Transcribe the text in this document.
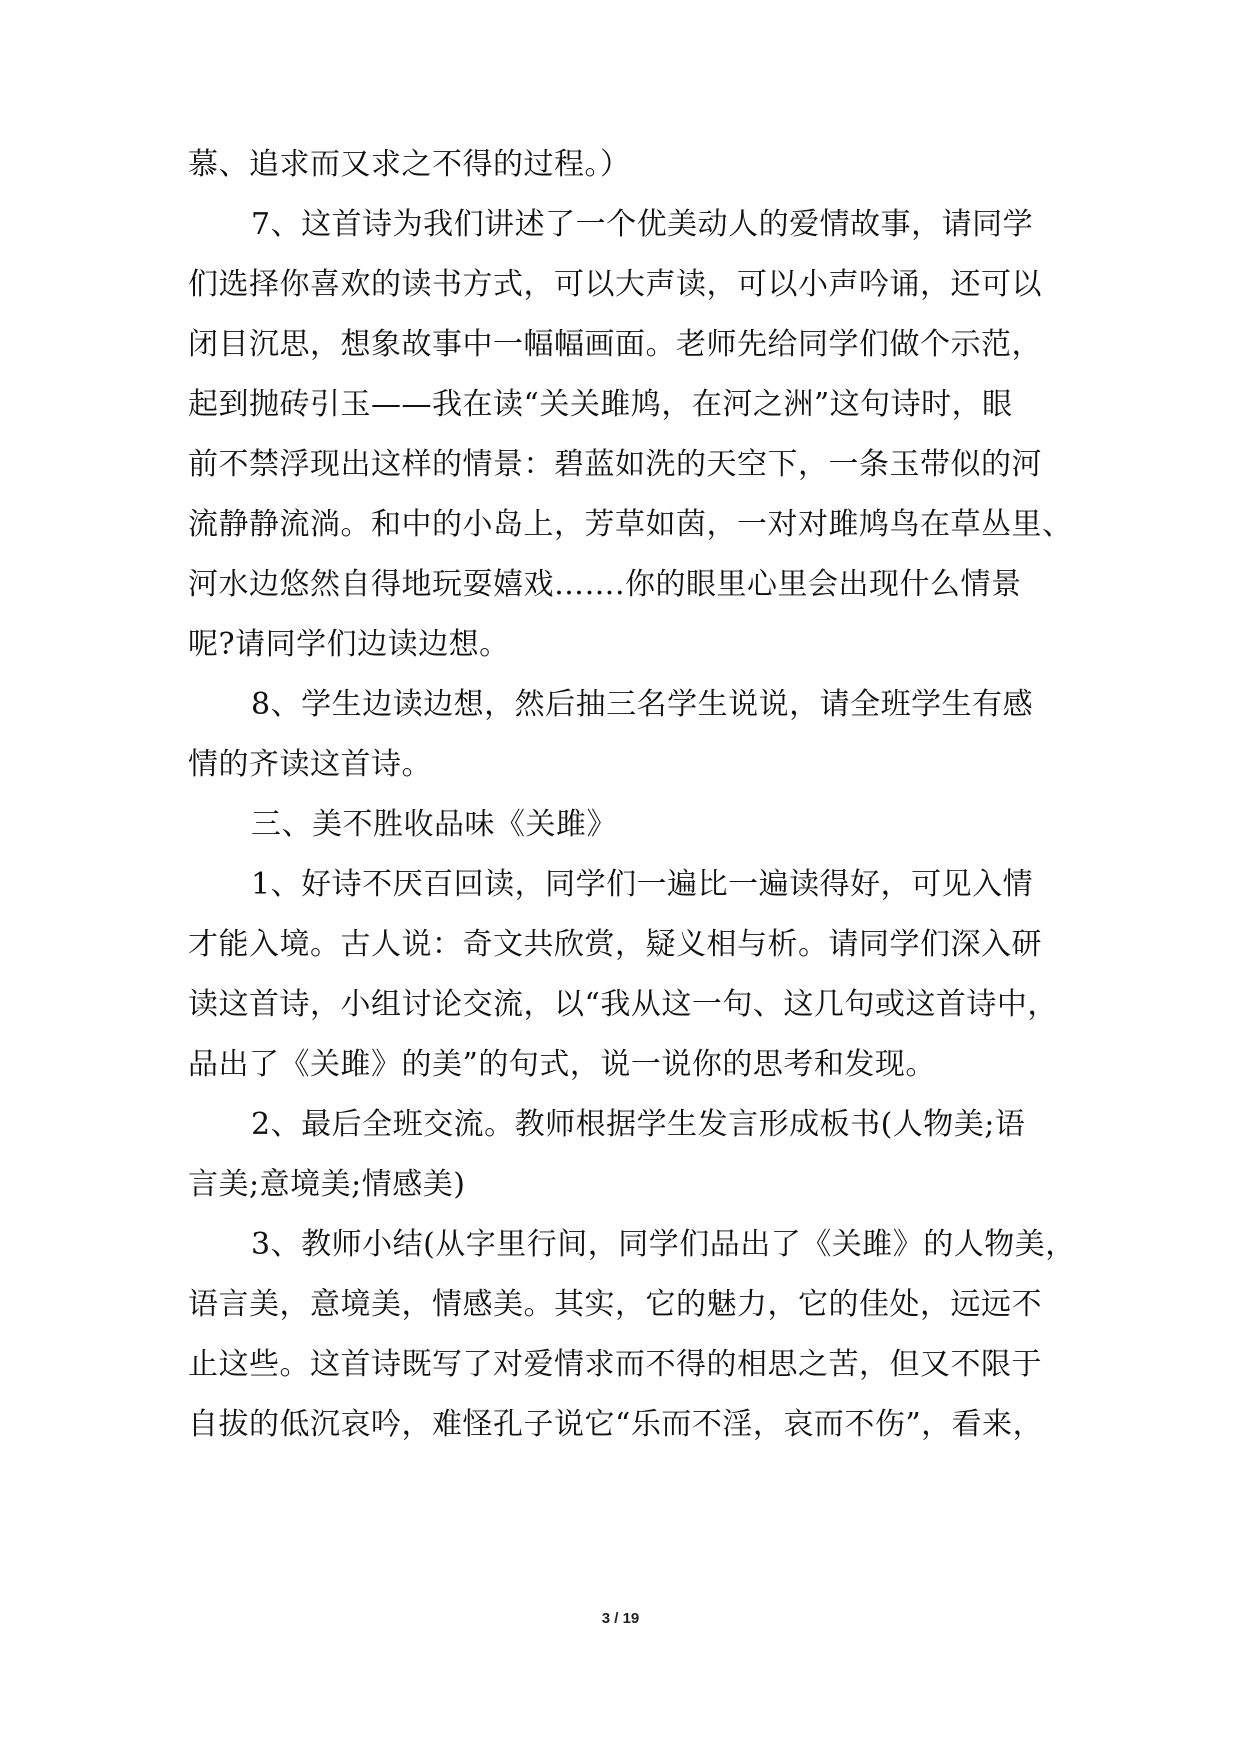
慕、追求而又求之不得的过程。）
7、这首诗为我们讲述了一个优美动人的爱情故事，请同学
们选择你喜欢的读书方式，可以大声读，可以小声吟诵，还可以
闭目沉思，想象故事中一幅幅画面。老师先给同学们做个示范，
起到抛砖引玉——我在读“关关雎鸠，在河之洲”这句诗时，眼
前不禁浮现出这样的情景：碧蓝如洗的天空下，一条玉带似的河
流静静流淌。和中的小岛上，芳草如茵，一对对雎鸠鸟在草丛里、
河水边悠然自得地玩耍嬉戏…….你的眼里心里会出现什么情景
呢?请同学们边读边想。
8、学生边读边想，然后抽三名学生说说，请全班学生有感
情的齐读这首诗。
三、美不胜收品味《关雎》
1、好诗不厌百回读，同学们一遍比一遍读得好，可见入情
才能入境。古人说：奇文共欣赏，疑义相与析。请同学们深入研
读这首诗，小组讨论交流，以“我从这一句、这几句或这首诗中，
品出了《关雎》的美”的句式，说一说你的思考和发现。
2、最后全班交流。教师根据学生发言形成板书(人物美;语
言美;意境美;情感美)
3、教师小结(从字里行间，同学们品出了《关雎》的人物美，
语言美，意境美，情感美。其实，它的魅力，它的佳处，远远不
止这些。这首诗既写了对爱情求而不得的相思之苦，但又不限于
自拔的低沉哀吟，难怪孔子说它“乐而不淫，哀而不伤”，看来，
3 / 19
